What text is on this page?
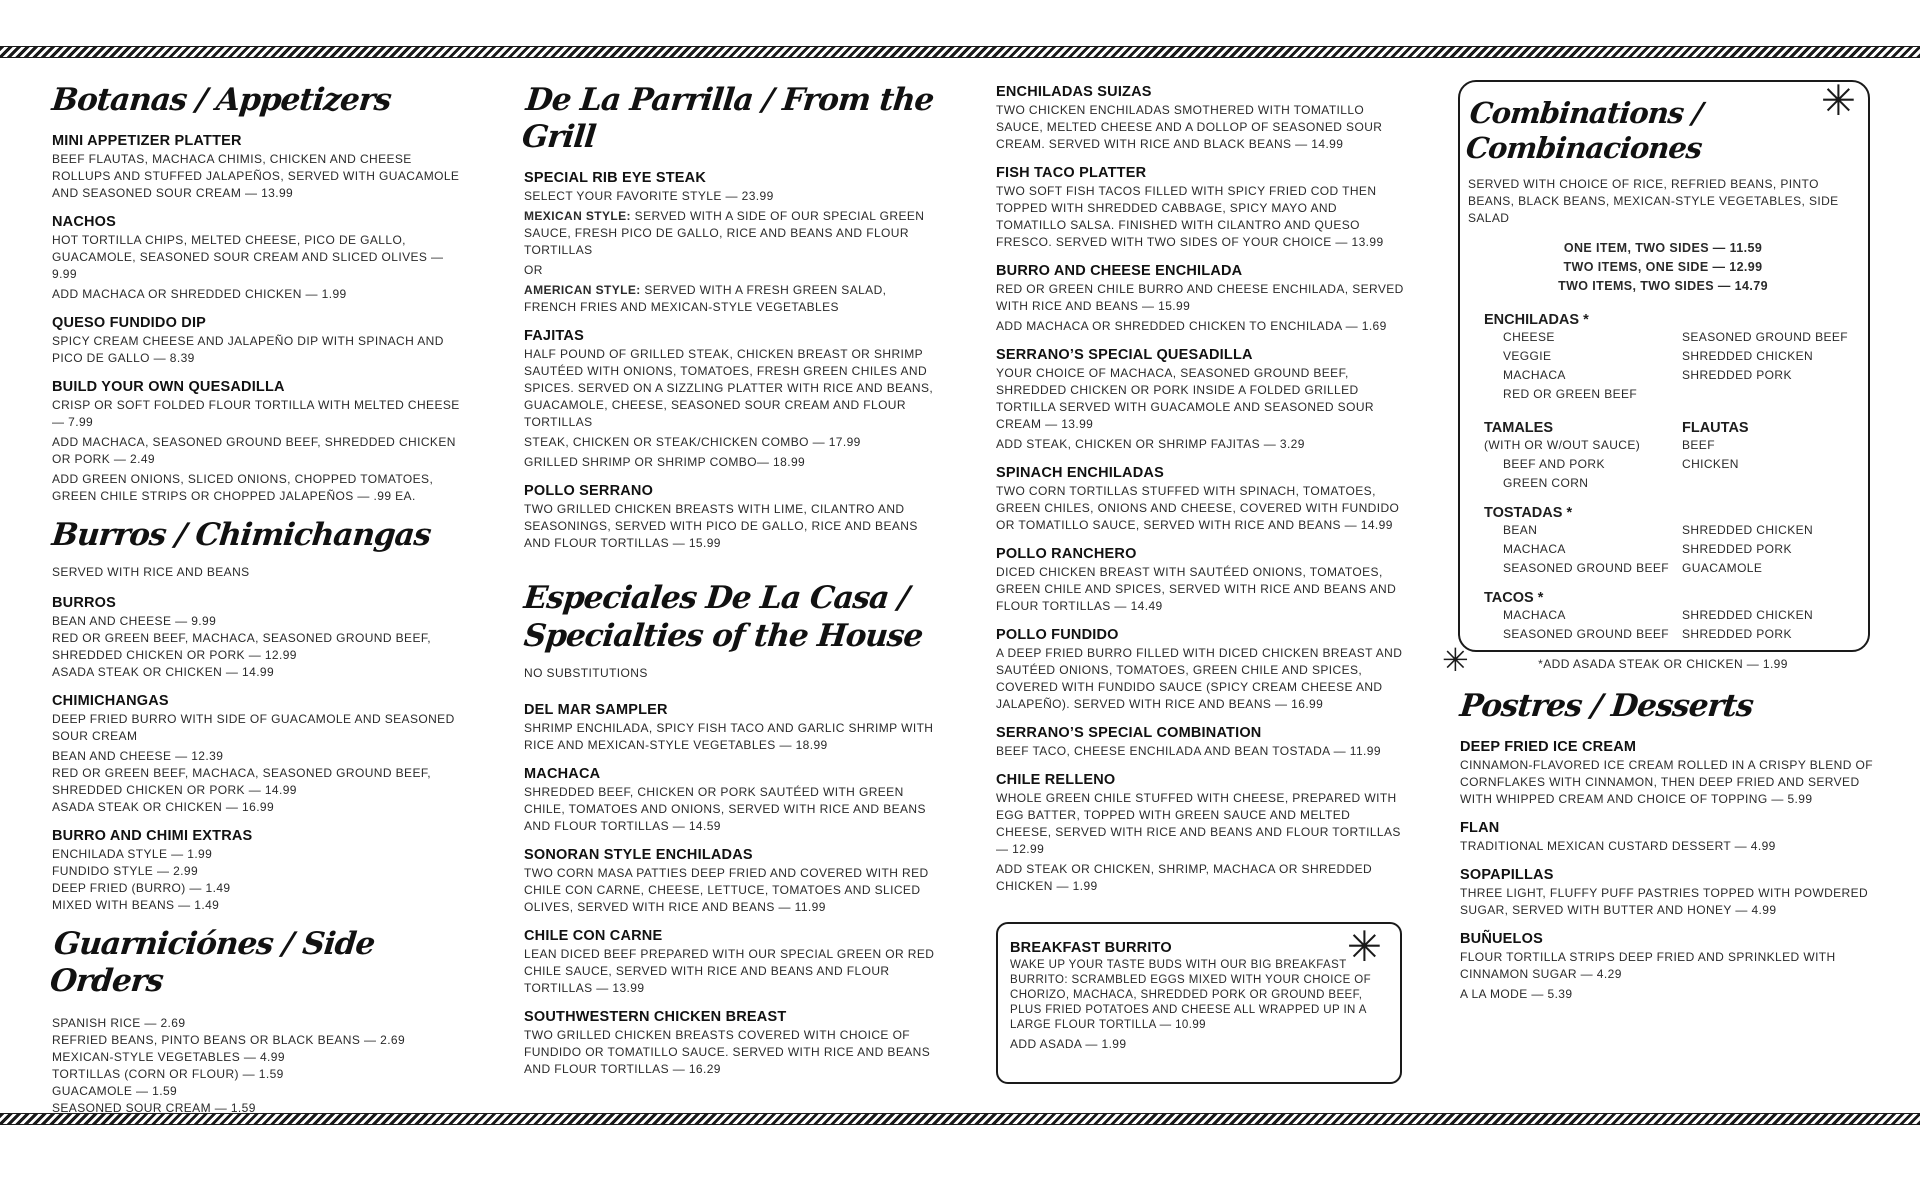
Botanas / Appetizers
MINI APPETIZER PLATTER
BEEF FLAUTAS, MACHACA CHIMIS, CHICKEN AND CHEESE ROLLUPS AND STUFFED JALAPEÑOS, SERVED WITH GUACAMOLE AND SEASONED SOUR CREAM — 13.99
NACHOS
HOT TORTILLA CHIPS, MELTED CHEESE, PICO DE GALLO, GUACAMOLE, SEASONED SOUR CREAM AND SLICED OLIVES — 9.99
ADD MACHACA OR SHREDDED CHICKEN — 1.99
QUESO FUNDIDO DIP
SPICY CREAM CHEESE AND JALAPEÑO DIP WITH SPINACH AND PICO DE GALLO — 8.39
BUILD YOUR OWN QUESADILLA
CRISP OR SOFT FOLDED FLOUR TORTILLA WITH MELTED CHEESE — 7.99
ADD MACHACA, SEASONED GROUND BEEF, SHREDDED CHICKEN OR PORK — 2.49
ADD GREEN ONIONS, SLICED ONIONS, CHOPPED TOMATOES, GREEN CHILE STRIPS OR CHOPPED JALAPEÑOS — .99 EA.
Burros / Chimichangas
SERVED WITH RICE AND BEANS
BURROS
BEAN AND CHEESE — 9.99
RED OR GREEN BEEF, MACHACA, SEASONED GROUND BEEF, SHREDDED CHICKEN OR PORK — 12.99
ASADA STEAK OR CHICKEN — 14.99
CHIMICHANGAS
DEEP FRIED BURRO WITH SIDE OF GUACAMOLE AND SEASONED SOUR CREAM
BEAN AND CHEESE — 12.39
RED OR GREEN BEEF, MACHACA, SEASONED GROUND BEEF, SHREDDED CHICKEN OR PORK — 14.99
ASADA STEAK OR CHICKEN — 16.99
BURRO AND CHIMI EXTRAS
ENCHILADA STYLE — 1.99
FUNDIDO STYLE — 2.99
DEEP FRIED (BURRO) — 1.49
MIXED WITH BEANS — 1.49
Guarniciónes / Side Orders
SPANISH RICE — 2.69
REFRIED BEANS, PINTO BEANS OR BLACK BEANS — 2.69
MEXICAN-STYLE VEGETABLES — 4.99
TORTILLAS (CORN OR FLOUR) — 1.59
GUACAMOLE — 1.59
SEASONED SOUR CREAM — 1.59
De La Parrilla / From the Grill
SPECIAL RIB EYE STEAK
SELECT YOUR FAVORITE STYLE — 23.99
MEXICAN STYLE: SERVED WITH A SIDE OF OUR SPECIAL GREEN SAUCE, FRESH PICO DE GALLO, RICE AND BEANS AND FLOUR TORTILLAS
OR
AMERICAN STYLE: SERVED WITH A FRESH GREEN SALAD, FRENCH FRIES AND MEXICAN-STYLE VEGETABLES
FAJITAS
HALF POUND OF GRILLED STEAK, CHICKEN BREAST OR SHRIMP SAUTÉED WITH ONIONS, TOMATOES, FRESH GREEN CHILES AND SPICES. SERVED ON A SIZZLING PLATTER WITH RICE AND BEANS, GUACAMOLE, CHEESE, SEASONED SOUR CREAM AND FLOUR TORTILLAS
STEAK, CHICKEN OR STEAK/CHICKEN COMBO — 17.99
GRILLED SHRIMP OR SHRIMP COMBO— 18.99
POLLO SERRANO
TWO GRILLED CHICKEN BREASTS WITH LIME, CILANTRO AND SEASONINGS, SERVED WITH PICO DE GALLO, RICE AND BEANS AND FLOUR TORTILLAS — 15.99
Especiales De La Casa /
Specialties of the House
NO SUBSTITUTIONS
DEL MAR SAMPLER
SHRIMP ENCHILADA, SPICY FISH TACO AND GARLIC SHRIMP WITH RICE AND MEXICAN-STYLE VEGETABLES — 18.99
MACHACA
SHREDDED BEEF, CHICKEN OR PORK SAUTÉED WITH GREEN CHILE, TOMATOES AND ONIONS, SERVED WITH RICE AND BEANS AND FLOUR TORTILLAS — 14.59
SONORAN STYLE ENCHILADAS
TWO CORN MASA PATTIES DEEP FRIED AND COVERED WITH RED CHILE CON CARNE, CHEESE, LETTUCE, TOMATOES AND SLICED OLIVES, SERVED WITH RICE AND BEANS — 11.99
CHILE CON CARNE
LEAN DICED BEEF PREPARED WITH OUR SPECIAL GREEN OR RED CHILE SAUCE, SERVED WITH RICE AND BEANS AND FLOUR TORTILLAS — 13.99
SOUTHWESTERN CHICKEN BREAST
TWO GRILLED CHICKEN BREASTS COVERED WITH CHOICE OF FUNDIDO OR TOMATILLO SAUCE. SERVED WITH RICE AND BEANS AND FLOUR TORTILLAS — 16.29
ENCHILADAS SUIZAS
TWO CHICKEN ENCHILADAS SMOTHERED WITH TOMATILLO SAUCE, MELTED CHEESE AND A DOLLOP OF SEASONED SOUR CREAM. SERVED WITH RICE AND BLACK BEANS — 14.99
FISH TACO PLATTER
TWO SOFT FISH TACOS FILLED WITH SPICY FRIED COD THEN TOPPED WITH SHREDDED CABBAGE, SPICY MAYO AND TOMATILLO SALSA. FINISHED WITH CILANTRO AND QUESO FRESCO. SERVED WITH TWO SIDES OF YOUR CHOICE — 13.99
BURRO AND CHEESE ENCHILADA
RED OR GREEN CHILE BURRO AND CHEESE ENCHILADA, SERVED WITH RICE AND BEANS — 15.99
ADD MACHACA OR SHREDDED CHICKEN TO ENCHILADA — 1.69
SERRANO’S SPECIAL QUESADILLA
YOUR CHOICE OF MACHACA, SEASONED GROUND BEEF, SHREDDED CHICKEN OR PORK INSIDE A FOLDED GRILLED TORTILLA SERVED WITH GUACAMOLE AND SEASONED SOUR CREAM — 13.99
ADD STEAK, CHICKEN OR SHRIMP FAJITAS — 3.29
SPINACH ENCHILADAS
TWO CORN TORTILLAS STUFFED WITH SPINACH, TOMATOES, GREEN CHILES, ONIONS AND CHEESE, COVERED WITH FUNDIDO OR TOMATILLO SAUCE, SERVED WITH RICE AND BEANS — 14.99
POLLO RANCHERO
DICED CHICKEN BREAST WITH SAUTÉED ONIONS, TOMATOES, GREEN CHILE AND SPICES, SERVED WITH RICE AND BEANS AND FLOUR TORTILLAS — 14.49
POLLO FUNDIDO
A DEEP FRIED BURRO FILLED WITH DICED CHICKEN BREAST AND SAUTÉED ONIONS, TOMATOES, GREEN CHILE AND SPICES, COVERED WITH FUNDIDO SAUCE (SPICY CREAM CHEESE AND JALAPEÑO). SERVED WITH RICE AND BEANS — 16.99
SERRANO’S SPECIAL COMBINATION
BEEF TACO, CHEESE ENCHILADA AND BEAN TOSTADA — 11.99
CHILE RELLENO
WHOLE GREEN CHILE STUFFED WITH CHEESE, PREPARED WITH EGG BATTER, TOPPED WITH GREEN SAUCE AND MELTED CHEESE, SERVED WITH RICE AND BEANS AND FLOUR TORTILLAS — 12.99
ADD STEAK OR CHICKEN, SHRIMP, MACHACA OR SHREDDED CHICKEN — 1.99
✳
BREAKFAST BURRITO
WAKE UP YOUR TASTE BUDS WITH OUR BIG BREAKFAST BURRITO: SCRAMBLED EGGS MIXED WITH YOUR CHOICE OF CHORIZO, MACHACA, SHREDDED PORK OR GROUND BEEF, PLUS FRIED POTATOES AND CHEESE ALL WRAPPED UP IN A LARGE FLOUR TORTILLA — 10.99
ADD ASADA — 1.99
✳
✳
Combinations / Combinaciones
SERVED WITH CHOICE OF RICE, REFRIED BEANS, PINTO BEANS, BLACK BEANS, MEXICAN-STYLE VEGETABLES, SIDE SALAD
ONE ITEM, TWO SIDES — 11.59
TWO ITEMS, ONE SIDE — 12.99
TWO ITEMS, TWO SIDES — 14.79
ENCHILADAS *
CHEESE
VEGGIE
MACHACA
RED OR GREEN BEEF
SEASONED GROUND BEEF
SHREDDED CHICKEN
SHREDDED PORK
TAMALES
(WITH OR W/OUT SAUCE)
BEEF AND PORK
GREEN CORN
FLAUTAS
BEEF
CHICKEN
TOSTADAS *
BEAN
MACHACA
SEASONED GROUND BEEF
SHREDDED CHICKEN
SHREDDED PORK
GUACAMOLE
TACOS *
MACHACA
SEASONED GROUND BEEF
SHREDDED CHICKEN
SHREDDED PORK
*ADD ASADA STEAK OR CHICKEN — 1.99
Postres / Desserts
DEEP FRIED ICE CREAM
CINNAMON-FLAVORED ICE CREAM ROLLED IN A CRISPY BLEND OF CORNFLAKES WITH CINNAMON, THEN DEEP FRIED AND SERVED WITH WHIPPED CREAM AND CHOICE OF TOPPING — 5.99
FLAN
TRADITIONAL MEXICAN CUSTARD DESSERT — 4.99
SOPAPILLAS
THREE LIGHT, FLUFFY PUFF PASTRIES TOPPED WITH POWDERED SUGAR, SERVED WITH BUTTER AND HONEY — 4.99
BUÑUELOS
FLOUR TORTILLA STRIPS DEEP FRIED AND SPRINKLED WITH CINNAMON SUGAR — 4.29
A LA MODE — 5.39
